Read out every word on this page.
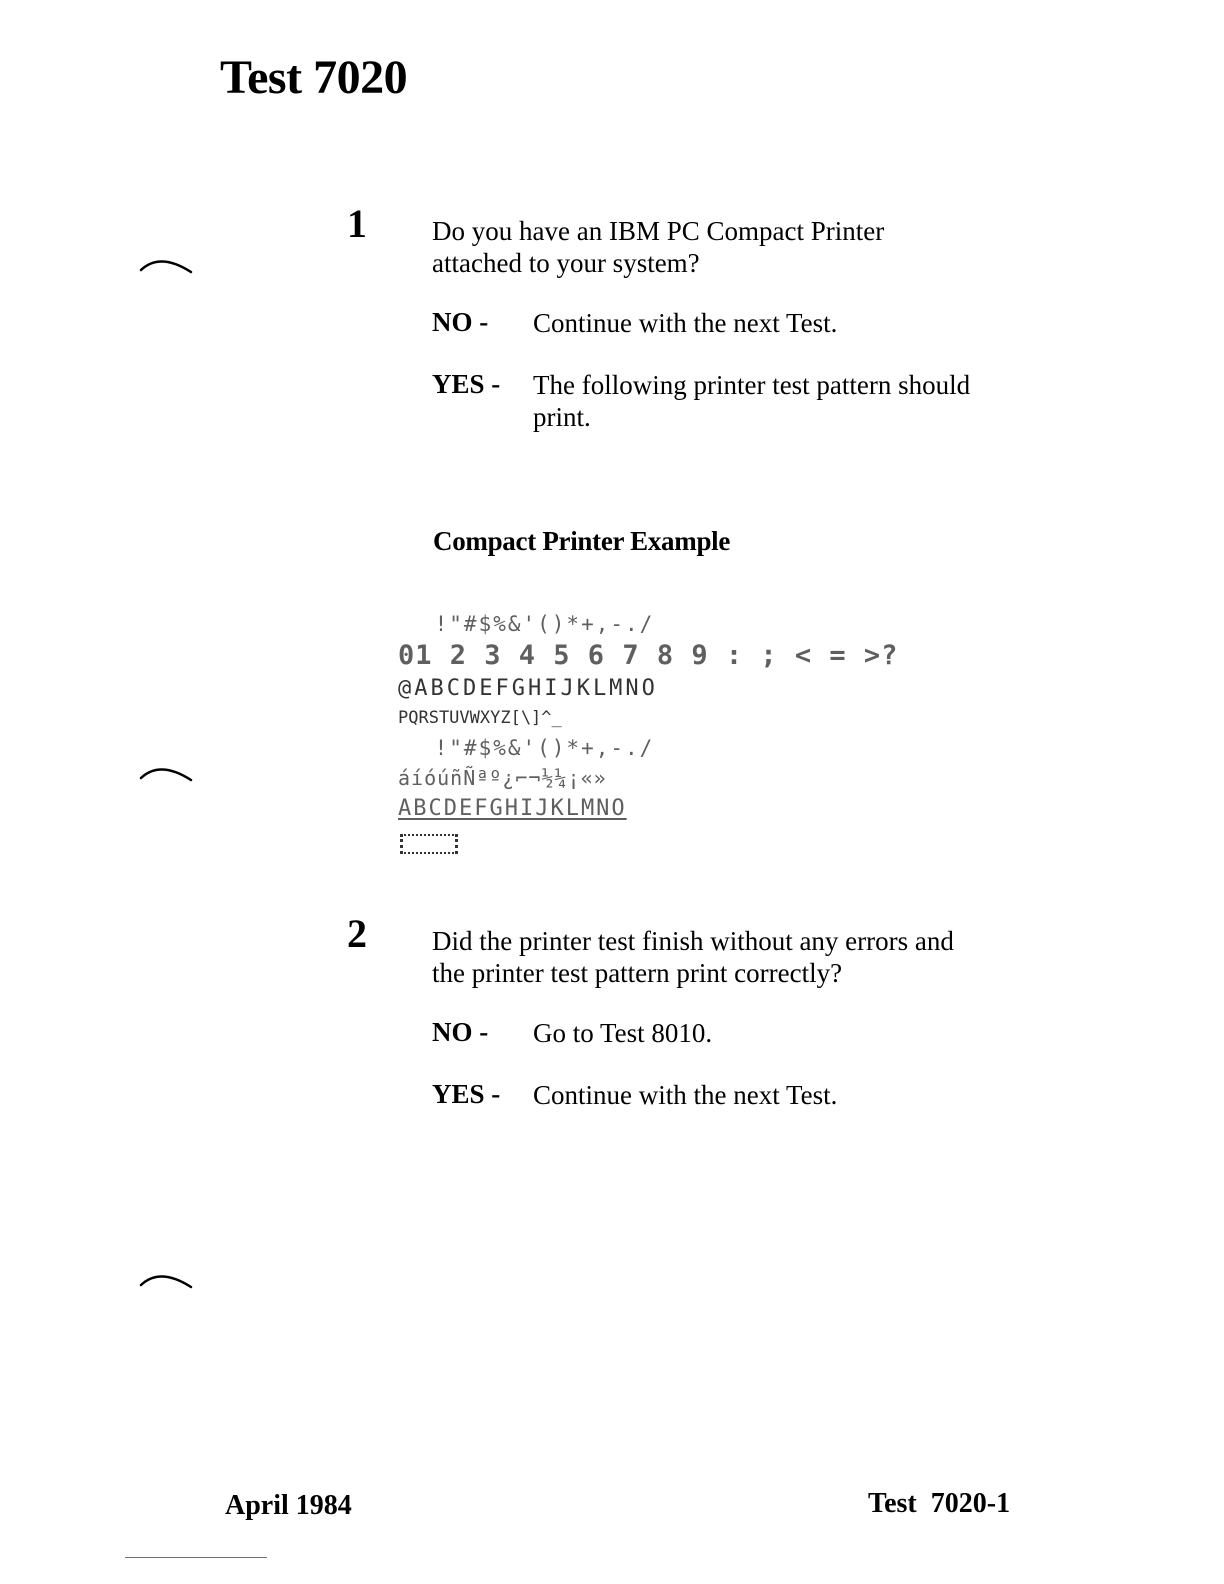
Test 7020
1 Do you have an IBM PC Compact Printer
attached to your system?
NO - Continue with the next Test.
YES - The following printer test pattern should
print.
Compact Printer Example
!"#$%&'()*+,-./
01 2 3 4 5 6 7 8 9 : ; < = >?
@ABCDEFGHIJKLMNO
PQRSTUVWXYZ[\]^_
!"#$%&'()*+,-./
áíóúñÑªº¿⌐¬½¼¡«»
ABCDEFGHIJKLMNO
2 Did the printer test finish without any errors and
the printer test pattern print correctly?
NO - Go to Test 8010.
YES - Continue with the next Test.
April 1984	Test  7020-1
